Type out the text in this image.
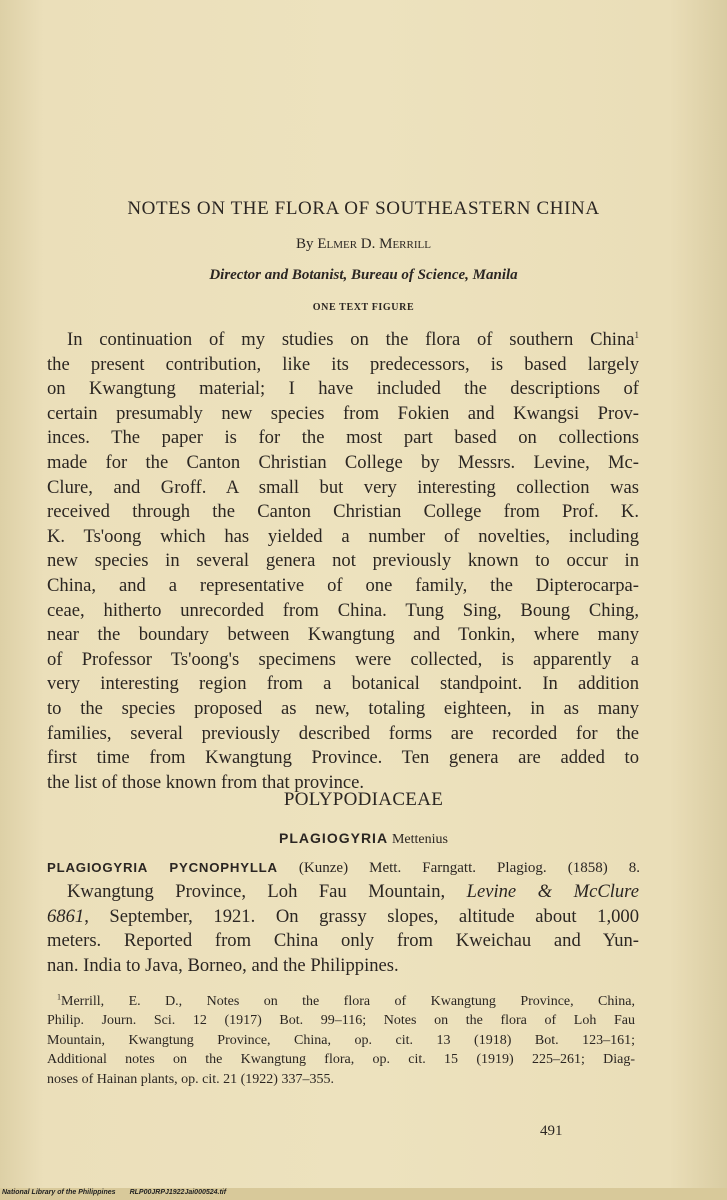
NOTES ON THE FLORA OF SOUTHEASTERN CHINA
By Elmer D. Merrill
Director and Botanist, Bureau of Science, Manila
ONE TEXT FIGURE
In continuation of my studies on the flora of southern China$^1$
the present contribution, like its predecessors, is based largely
on Kwangtung material; I have included the descriptions of
certain presumably new species from Fokien and Kwangsi Prov-
inces. The paper is for the most part based on collections
made for the Canton Christian College by Messrs. Levine, Mc-
Clure, and Groff. A small but very interesting collection was
received through the Canton Christian College from Prof. K.
K. Ts'oong which has yielded a number of novelties, including
new species in several genera not previously known to occur in
China, and a representative of one family, the Dipterocarpa-
ceae, hitherto unrecorded from China. Tung Sing, Boung Ching,
near the boundary between Kwangtung and Tonkin, where many
of Professor Ts'oong's specimens were collected, is apparently a
very interesting region from a botanical standpoint. In addition
to the species proposed as new, totaling eighteen, in as many
families, several previously described forms are recorded for the
first time from Kwangtung Province. Ten genera are added to
the list of those known from that province.
POLYPODIACEAE
PLAGIOGYRIA Mettenius
PLAGIOGYRIA PYCNOPHYLLA (Kunze) Mett. Farngatt. Plagiog. (1858) 8.
Kwangtung Province, Loh Fau Mountain, Levine & McClure
6861, September, 1921. On grassy slopes, altitude about 1,000
meters. Reported from China only from Kweichau and Yun-
nan. India to Java, Borneo, and the Philippines.
$^1$Merrill, E. D., Notes on the flora of Kwangtung Province, China,
Philip. Journ. Sci. 12 (1917) Bot. 99–116; Notes on the flora of Loh Fau
Mountain, Kwangtung Province, China, op. cit. 13 (1918) Bot. 123–161;
Additional notes on the Kwangtung flora, op. cit. 15 (1919) 225–261; Diag-
noses of Hainan plants, op. cit. 21 (1922) 337–355.
491
National Library of the Philippines RLP00JRPJ1922Jai000524.tif
